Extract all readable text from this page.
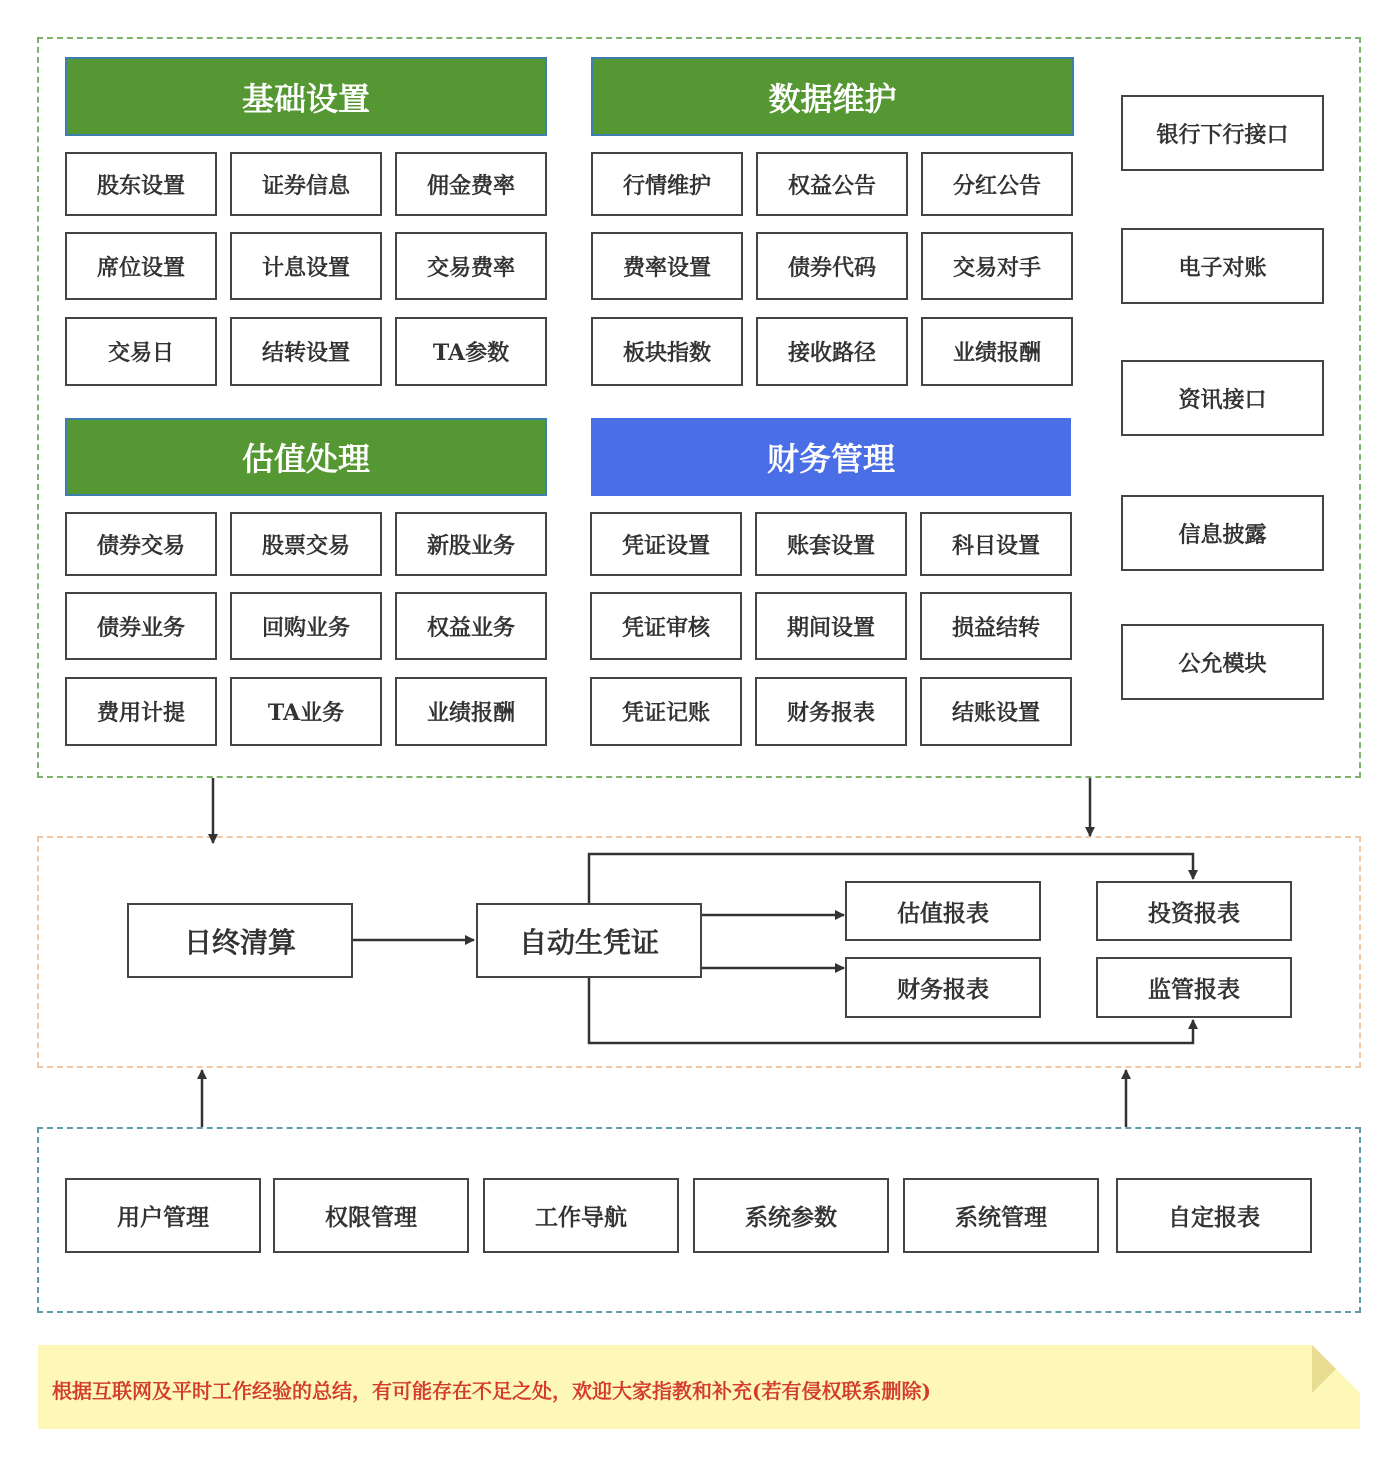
基础设置	数据维护
估值处理	财务管理
股东设置	证券信息	佣金费率
席位设置	计息设置	交易费率
交易日	结转设置	TA参数
行情维护	权益公告	分红公告
费率设置	债券代码	交易对手
板块指数	接收路径	业绩报酬
债券交易	股票交易	新股业务
债券业务	回购业务	权益业务
费用计提	TA业务	业绩报酬
凭证设置	账套设置	科目设置
凭证审核	期间设置	损益结转
凭证记账	财务报表	结账设置
银行下行接口
电子对账
资讯接口
信息披露
公允模块
日终清算	自动生凭证
估值报表
财务报表
投资报表
监管报表
用户管理	权限管理	工作导航	系统参数	系统管理	自定报表
根据互联网及平时工作经验的总结，有可能存在不足之处，欢迎大家指教和补充(若有侵权联系删除)
